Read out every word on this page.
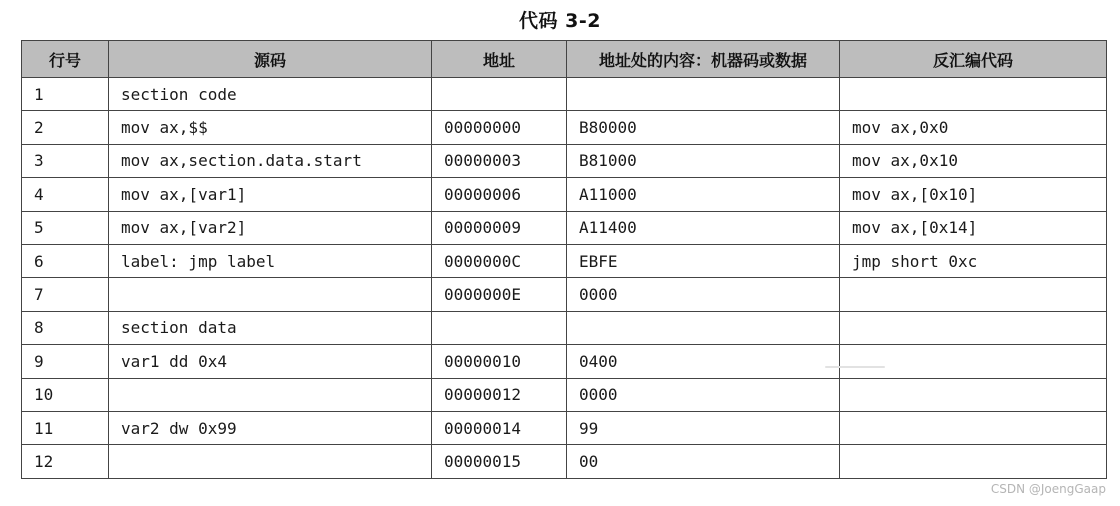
代码 3-2
行号	源码	地址	地址处的内容：机器码或数据	反汇编代码
1	section code			
2	mov ax,$$	00000000	B80000	mov ax,0x0
3	mov ax,section.data.start	00000003	B81000	mov ax,0x10
4	mov ax,[var1]	00000006	A11000	mov ax,[0x10]
5	mov ax,[var2]	00000009	A11400	mov ax,[0x14]
6	label: jmp label	0000000C	EBFE	jmp short 0xc
7		0000000E	0000	
8	section data			
9	var1 dd 0x4	00000010	0400	
10		00000012	0000	
11	var2 dw 0x99	00000014	99	
12		00000015	00	
CSDN @JoengGaap
